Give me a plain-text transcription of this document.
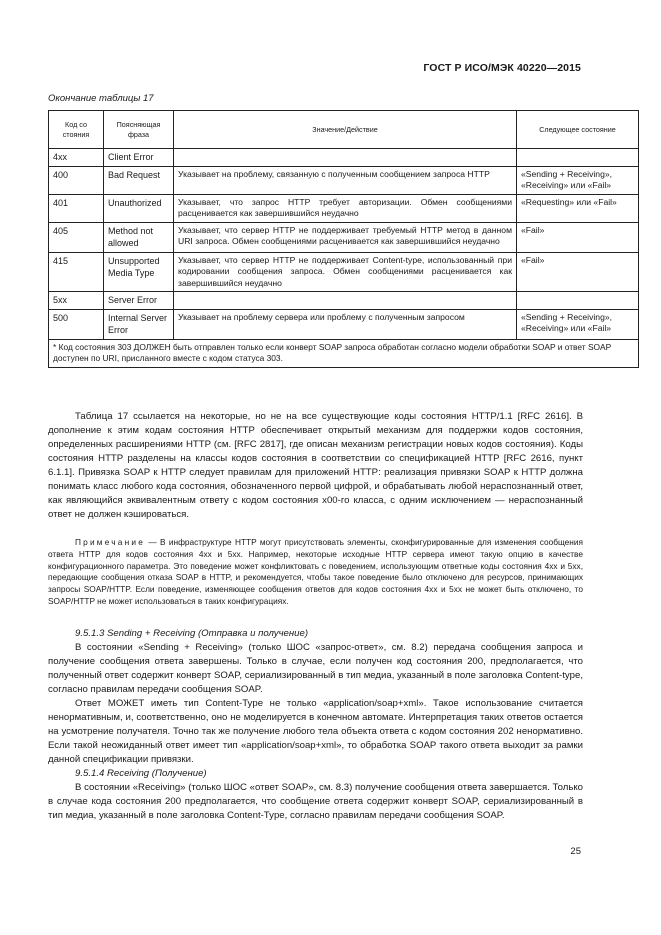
ГОСТ Р ИСО/МЭК 40220—2015
Окончание таблицы 17
Код со стояния	Поясняющая фраза	Значение/Действие	Следующее состояние
4xx	Client Error		
400	Bad Request	Указывает на проблему, связанную с полученным сообщением запроса HTTP	«Sending + Receiving», «Receiving» или «Fail»
401	Unauthorized	Указывает, что запрос HTTP требует авторизации. Обмен сообщениями расценивается как завершившийся неудачно	«Requesting» или «Fail»
405	Method not allowed	Указывает, что сервер HTTP не поддерживает требуемый HTTP метод в данном URI запроса. Обмен сообщениями расценивается как завершившийся неудачно	«Fail»
415	Unsupported Media Type	Указывает, что сервер HTTP не поддерживает Content-type, использованный при кодировании сообщения запроса. Обмен сообщениями расценивается как завершившийся неудачно	«Fail»
5xx	Server Error		
500	Internal Server Error	Указывает на проблему сервера или проблему с полученным запросом	«Sending + Receiving», «Receiving» или «Fail»
* Код состояния 303 ДОЛЖЕН быть отправлен только если конверт SOAP запроса обработан согласно модели обработки SOAP и ответ SOAP доступен по URI, присланного вместе с кодом статуса 303.			

Таблица 17 ссылается на некоторые, но не на все существующие коды состояния HTTP/1.1 [RFC 2616]. В дополнение к этим кодам состояния HTTP обеспечивает открытый механизм для поддержки кодов состояния, определенных расширениями HTTP (см. [RFC 2817], где описан механизм регистрации новых кодов состояния). Коды состояния HTTP разделены на классы кодов состояния в соответствии со спецификацией HTTP [RFC 2616, пункт 6.1.1]. Привязка SOAP к HTTP следует правилам для приложений HTTP: реализация привязки SOAP к HTTP должна понимать класс любого кода состояния, обозначенного первой цифрой, и обрабатывать любой нераспознанный ответ, как являющийся эквивалентным ответу с кодом состояния x00-го класса, с одним исключением — нераспознанный ответ не должен кэшироваться.

Примечание — В инфраструктуре HTTP могут присутствовать элементы, сконфигурированные для изменения сообщения ответа HTTP для кодов состояния 4xx и 5xx. Например, некоторые исходные HTTP сервера имеют такую опцию в качестве конфигурационного параметра. Это поведение может конфликтовать с поведением, использующим ответные коды состояния 4xx и 5xx, передающие сообщения отказа SOAP в HTTP, и рекомендуется, чтобы такое поведение было отключено для ресурсов, принимающих запросы SOAP/HTTP. Если поведение, изменяющее сообщения ответов для кодов состояния 4xx и 5xx не может быть отключено, то SOAP/HTTP не может использоваться в таких конфигурациях.

9.5.1.3 Sending + Receiving (Отправка и получение)

В состоянии «Sending + Receiving» (только ШОС «запрос-ответ», см. 8.2) передача сообщения запроса и получение сообщения ответа завершены. Только в случае, если получен код состояния 200, предполагается, что полученный ответ содержит конверт SOAP, сериализированный в тип медиа, указанный в поле заголовка Content-type, согласно правилам передачи сообщения SOAP.

Ответ МОЖЕТ иметь тип Content-Type не только «application/soap+xml». Такое использование считается ненормативным, и, соответственно, оно не моделируется в конечном автомате. Интерпретация таких ответов остается на усмотрение получателя. Точно так же получение любого тела объекта ответа с кодом состояния 202 ненормативно. Если такой неожиданный ответ имеет тип «application/soap+xml», то обработка SOAP такого ответа выходит за рамки данной спецификации привязки.

9.5.1.4 Receiving (Получение)

В состоянии «Receiving» (только ШОС «ответ SOAP», см. 8.3) получение сообщения ответа завершается. Только в случае кода состояния 200 предполагается, что сообщение ответа содержит конверт SOAP, сериализированный в тип медиа, указанный в поле заголовка Content-Type, согласно правилам передачи сообщения SOAP.

25
